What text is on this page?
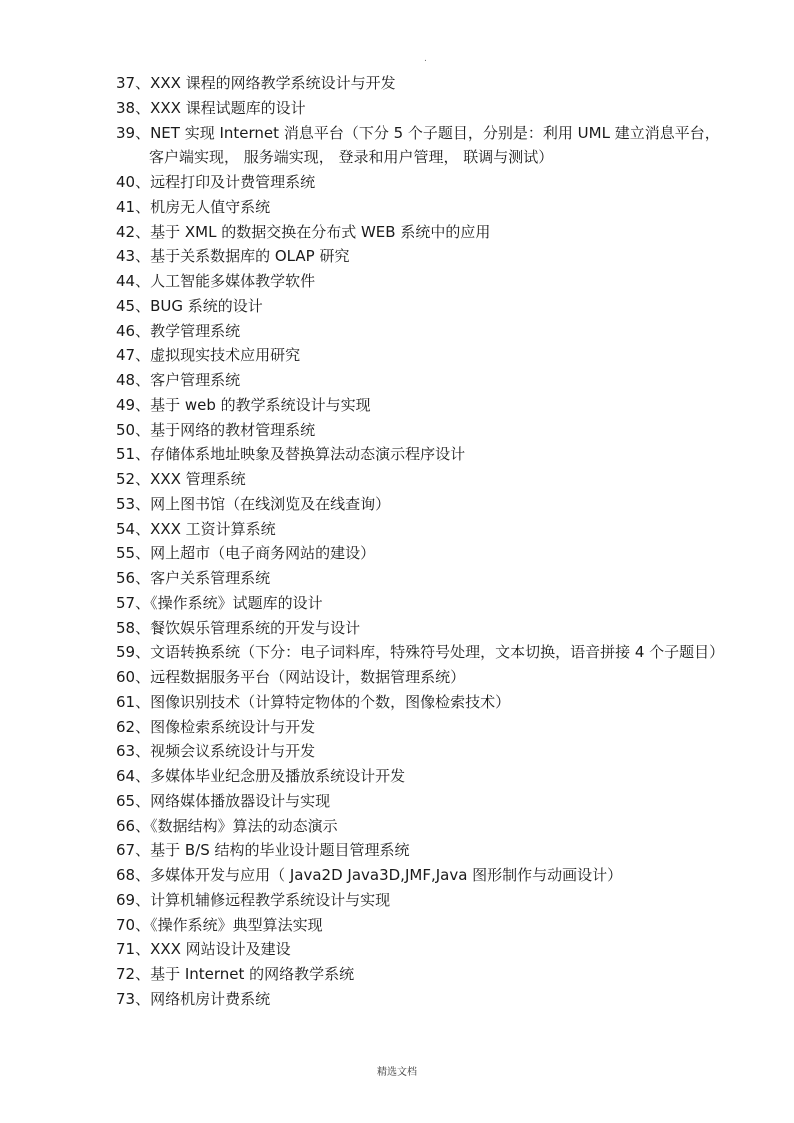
.
37、XXX 课程的网络教学系统设计与开发
38、XXX 课程试题库的设计
39、NET 实现 Internet 消息平台（下分 5 个子题目，分别是：利用 UML 建立消息平台， 客户端实现， 服务端实现， 登录和用户管理， 联调与测试）
40、远程打印及计费管理系统
41、机房无人值守系统
42、基于 XML 的数据交换在分布式 WEB 系统中的应用
43、基于关系数据库的 OLAP 研究
44、人工智能多媒体教学软件
45、BUG 系统的设计
46、教学管理系统
47、虚拟现实技术应用研究
48、客户管理系统
49、基于 web 的教学系统设计与实现
50、基于网络的教材管理系统
51、存储体系地址映象及替换算法动态演示程序设计
52、XXX 管理系统
53、网上图书馆（在线浏览及在线查询）
54、XXX 工资计算系统
55、网上超市（电子商务网站的建设）
56、客户关系管理系统
57、《操作系统》试题库的设计
58、餐饮娱乐管理系统的开发与设计
59、文语转换系统（下分：电子词料库，特殊符号处理，文本切换，语音拼接 4 个子题目）
60、远程数据服务平台（网站设计，数据管理系统）
61、图像识别技术（计算特定物体的个数，图像检索技术）
62、图像检索系统设计与开发
63、视频会议系统设计与开发
64、多媒体毕业纪念册及播放系统设计开发
65、网络媒体播放器设计与实现
66、《数据结构》算法的动态演示
67、基于 B/S 结构的毕业设计题目管理系统
68、多媒体开发与应用（ Java2D Java3D,JMF,Java 图形制作与动画设计）
69、计算机辅修远程教学系统设计与实现
70、《操作系统》典型算法实现
71、XXX 网站设计及建设
72、基于 Internet 的网络教学系统
73、网络机房计费系统
精选文档
